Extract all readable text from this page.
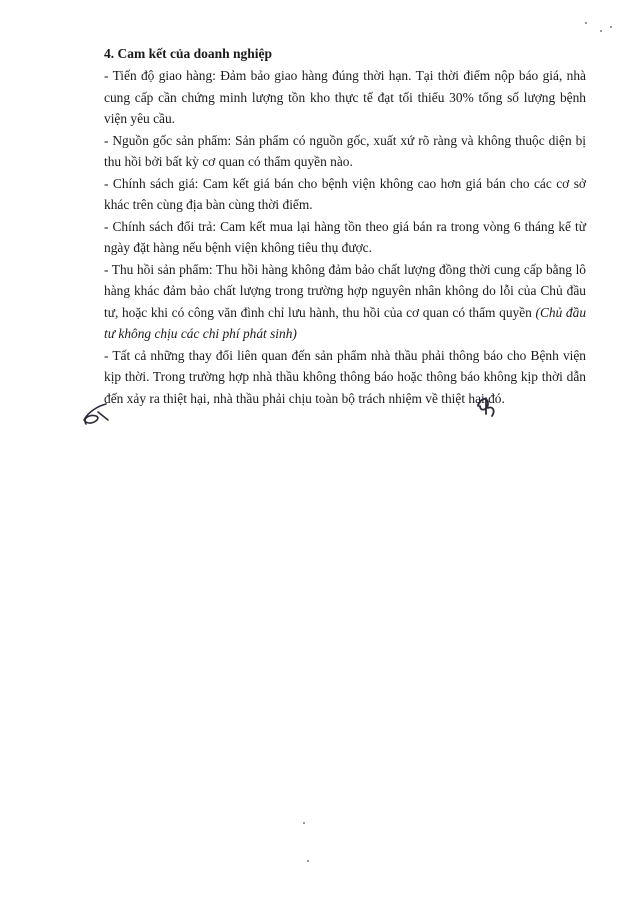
4. Cam kết của doanh nghiệp

- Tiến độ giao hàng: Đảm bảo giao hàng đúng thời hạn. Tại thời điểm nộp báo giá, nhà cung cấp cần chứng minh lượng tồn kho thực tế đạt tối thiểu 30% tổng số lượng bệnh viện yêu cầu.

- Nguồn gốc sản phẩm: Sản phẩm có nguồn gốc, xuất xứ rõ ràng và không thuộc diện bị thu hồi bởi bất kỳ cơ quan có thẩm quyền nào.

- Chính sách giá: Cam kết giá bán cho bệnh viện không cao hơn giá bán cho các cơ sở khác trên cùng địa bàn cùng thời điểm.

- Chính sách đổi trả: Cam kết mua lại hàng tồn theo giá bán ra trong vòng 6 tháng kể từ ngày đặt hàng nếu bệnh viện không tiêu thụ được.

- Thu hồi sản phẩm: Thu hồi hàng không đảm bảo chất lượng đồng thời cung cấp bằng lô hàng khác đảm bảo chất lượng trong trường hợp nguyên nhân không do lỗi của Chủ đầu tư, hoặc khi có công văn đình chỉ lưu hành, thu hồi của cơ quan có thẩm quyền (Chủ đầu tư không chịu các chi phí phát sinh)

- Tất cả những thay đổi liên quan đến sản phẩm nhà thầu phải thông báo cho Bệnh viện kịp thời. Trong trường hợp nhà thầu không thông báo hoặc thông báo không kịp thời dẫn đến xảy ra thiệt hại, nhà thầu phải chịu toàn bộ trách nhiệm về thiệt hại đó.
